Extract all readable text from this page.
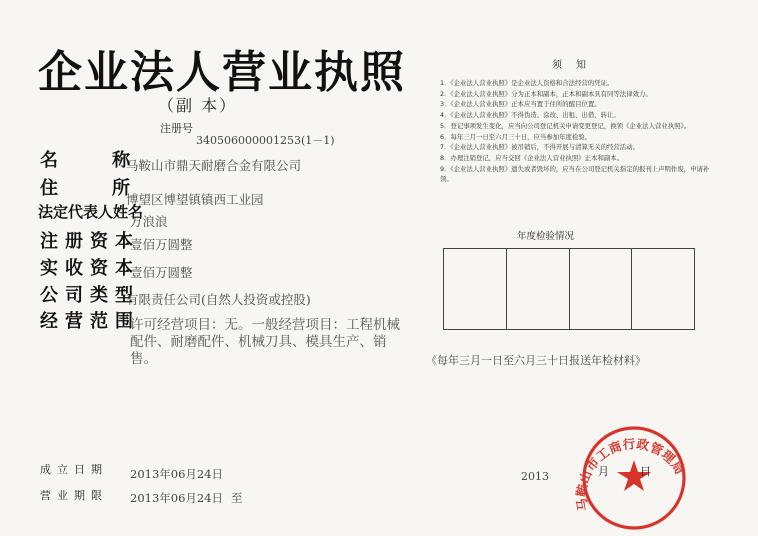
企业法人营业执照
（副 本）
注册号
340506000001253(1－1)
名	称
马鞍山市鼎天耐磨合金有限公司
住	所
博望区博望镇镇西工业园
法定代表人姓名
万浪浪
注册资本
壹佰万圆整
实收资本
壹佰万圆整
公司类型
有限责任公司(自然人投资或控股)
经营范围
许可经营项目：无。一般经营项目：工程机械配件、耐磨配件、机械刀具、模具生产、销售。
成立日期 2013年06月24日
营业期限 2013年06月24日 至
须知
1．《企业法人营业执照》是企业法人资格和合法经营的凭证。
2．《企业法人营业执照》分为正本和副本，正本和副本具有同等法律效力。
3．《企业法人营业执照》正本应当置于住所的醒目位置。
4．《企业法人营业执照》不得伪造、涂改、出租、出借、转让。
5．登记事项发生变化，应当向公司登记机关申请变更登记，换领《企业法人营业执照》。
6．每年三月一日至六月三十日，应当参加年度检验。
7．《企业法人营业执照》被吊销后，不得开展与清算无关的经营活动。
8．办理注销登记，应当交回《企业法人营业执照》正本和副本。
9．《企业法人营业执照》遗失或者毁坏的，应当在公司登记机关指定的报刊上声明作废，申请补领。
年度检验情况
《每年三月一日至六月三十日报送年检材料》
2013
马鞍山市工商行政管理局
月	日
